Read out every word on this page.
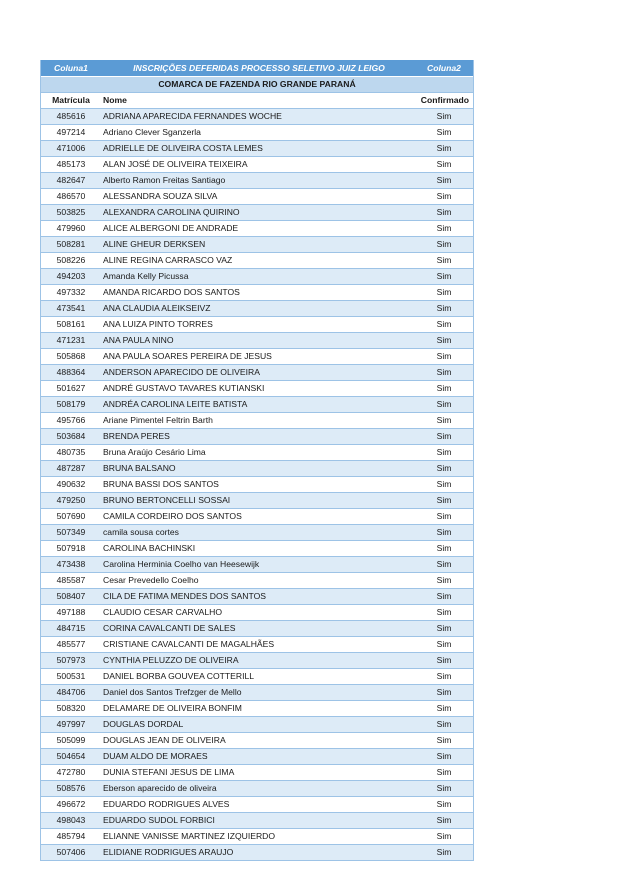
Coluna1	INSCRIÇÕES DEFERIDAS PROCESSO SELETIVO JUIZ LEIGO	Coluna2
COMARCA DE FAZENDA RIO GRANDE PARANÁ		
Matrícula	Nome	Confirmado
485616	ADRIANA APARECIDA FERNANDES WOCHE	Sim
497214	Adriano Clever Sganzerla	Sim
471006	ADRIELLE DE OLIVEIRA COSTA LEMES	Sim
485173	ALAN JOSÉ DE OLIVEIRA TEIXEIRA	Sim
482647	Alberto Ramon Freitas Santiago	Sim
486570	ALESSANDRA SOUZA SILVA	Sim
503825	ALEXANDRA CAROLINA QUIRINO	Sim
479960	ALICE ALBERGONI DE ANDRADE	Sim
508281	ALINE GHEUR DERKSEN	Sim
508226	ALINE REGINA CARRASCO VAZ	Sim
494203	Amanda Kelly Picussa	Sim
497332	AMANDA RICARDO DOS SANTOS	Sim
473541	ANA CLAUDIA ALEIKSEIVZ	Sim
508161	ANA LUIZA PINTO TORRES	Sim
471231	ANA PAULA NINO	Sim
505868	ANA PAULA SOARES PEREIRA DE JESUS	Sim
488364	ANDERSON APARECIDO DE OLIVEIRA	Sim
501627	ANDRÉ GUSTAVO TAVARES KUTIANSKI	Sim
508179	ANDRÉA CAROLINA LEITE BATISTA	Sim
495766	Ariane Pimentel Feltrin Barth	Sim
503684	BRENDA PERES	Sim
480735	Bruna Araújo Cesário Lima	Sim
487287	BRUNA BALSANO	Sim
490632	BRUNA BASSI DOS SANTOS	Sim
479250	BRUNO BERTONCELLI SOSSAI	Sim
507690	CAMILA CORDEIRO DOS SANTOS	Sim
507349	camila sousa cortes	Sim
507918	CAROLINA BACHINSKI	Sim
473438	Carolina Herminia Coelho van Heesewijk	Sim
485587	Cesar Prevedello Coelho	Sim
508407	CILA DE FATIMA MENDES DOS SANTOS	Sim
497188	CLAUDIO CESAR CARVALHO	Sim
484715	CORINA CAVALCANTI DE SALES	Sim
485577	CRISTIANE CAVALCANTI DE MAGALHÃES	Sim
507973	CYNTHIA PELUZZO DE OLIVEIRA	Sim
500531	DANIEL BORBA GOUVEA COTTERILL	Sim
484706	Daniel dos Santos Trefzger de Mello	Sim
508320	DELAMARE DE OLIVEIRA BONFIM	Sim
497997	DOUGLAS DORDAL	Sim
505099	DOUGLAS JEAN DE OLIVEIRA	Sim
504654	DUAM ALDO DE MORAES	Sim
472780	DUNIA STEFANI JESUS DE LIMA	Sim
508576	Eberson aparecido de oliveira	Sim
496672	EDUARDO RODRIGUES ALVES	Sim
498043	EDUARDO SUDOL FORBICI	Sim
485794	ELIANNE VANISSE MARTINEZ IZQUIERDO	Sim
507406	ELIDIANE RODRIGUES ARAUJO	Sim
